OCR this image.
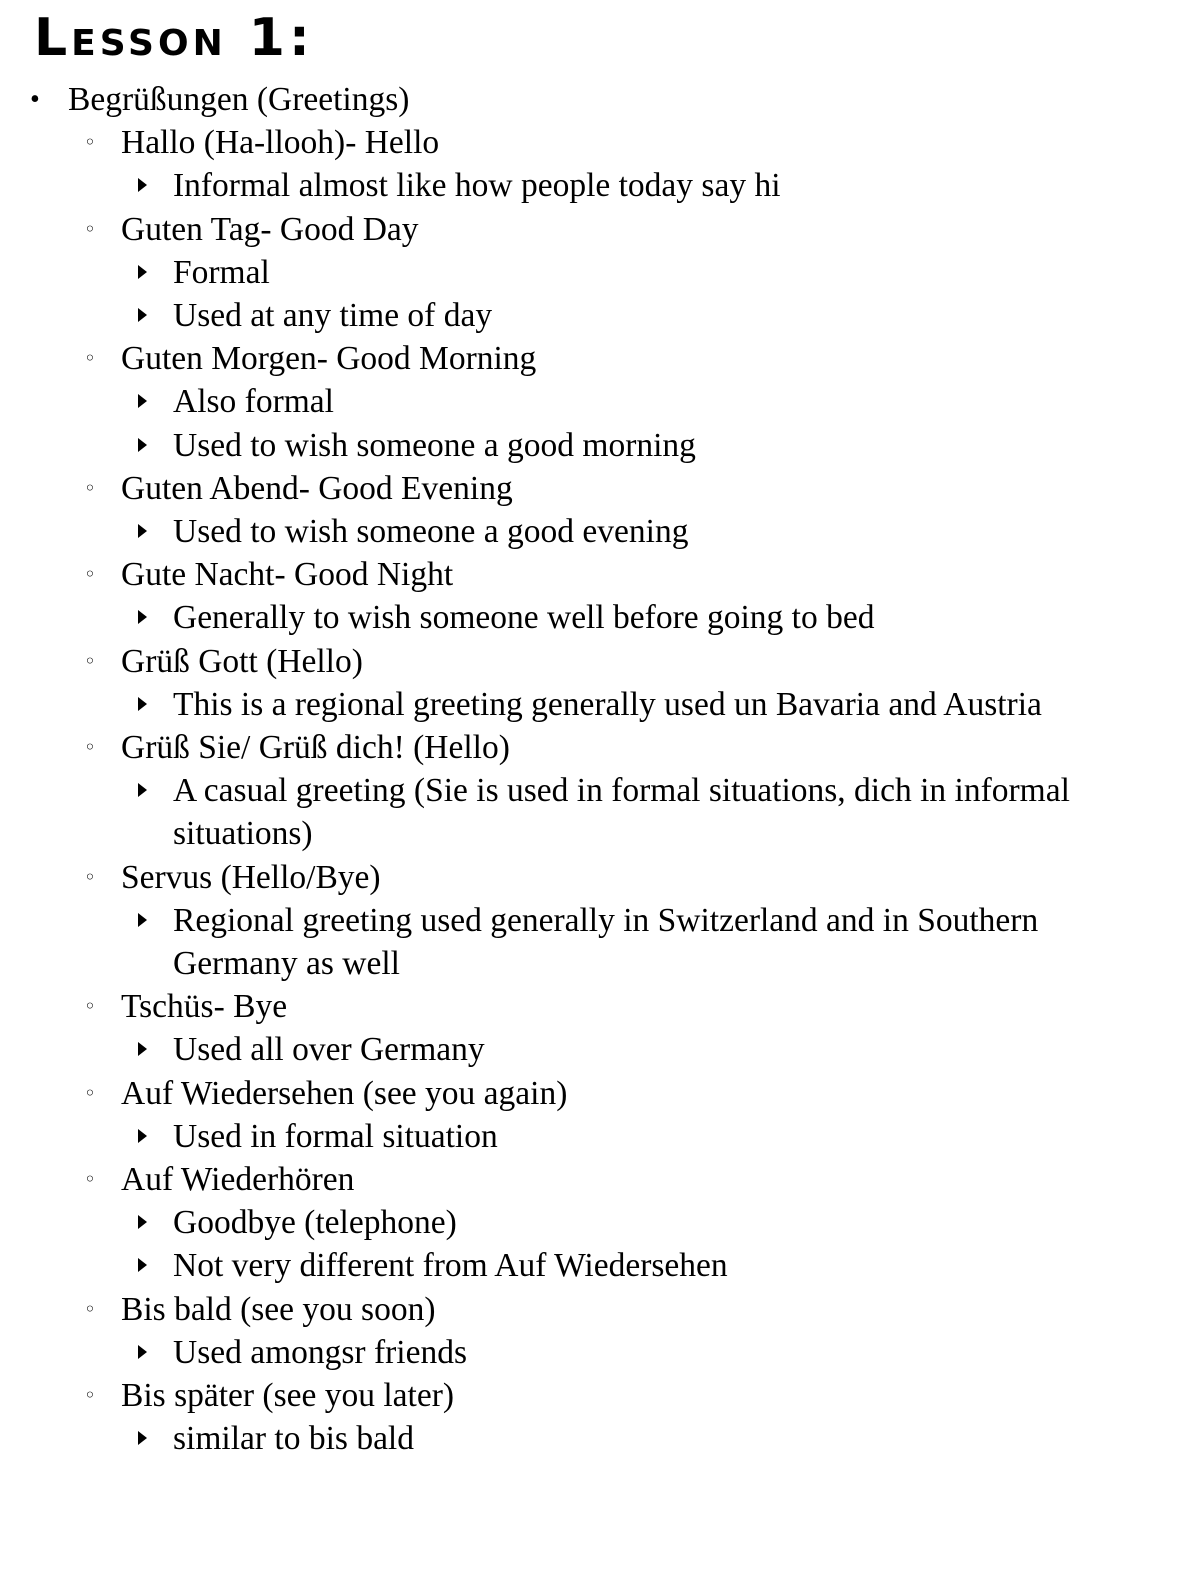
Lesson 1:
• Begrüßungen (Greetings)
◦ Hallo (Ha-llooh)- Hello
Informal almost like how people today say hi
◦ Guten Tag- Good Day
Formal
Used at any time of day
◦ Guten Morgen- Good Morning
Also formal
Used to wish someone a good morning
◦ Guten Abend- Good Evening
Used to wish someone a good evening
◦ Gute Nacht- Good Night
Generally to wish someone well before going to bed
◦ Grüß Gott (Hello)
This is a regional greeting generally used un Bavaria and Austria
◦ Grüß Sie/ Grüß dich! (Hello)
A casual greeting (Sie is used in formal situations, dich in informal situations)
◦ Servus (Hello/Bye)
Regional greeting used generally in Switzerland and in Southern Germany as well
◦ Tschüs- Bye
Used all over Germany
◦ Auf Wiedersehen (see you again)
Used in formal situation
◦ Auf Wiederhören
Goodbye (telephone)
Not very different from Auf Wiedersehen
◦ Bis bald (see you soon)
Used amongsr friends
◦ Bis später (see you later)
similar to bis bald
